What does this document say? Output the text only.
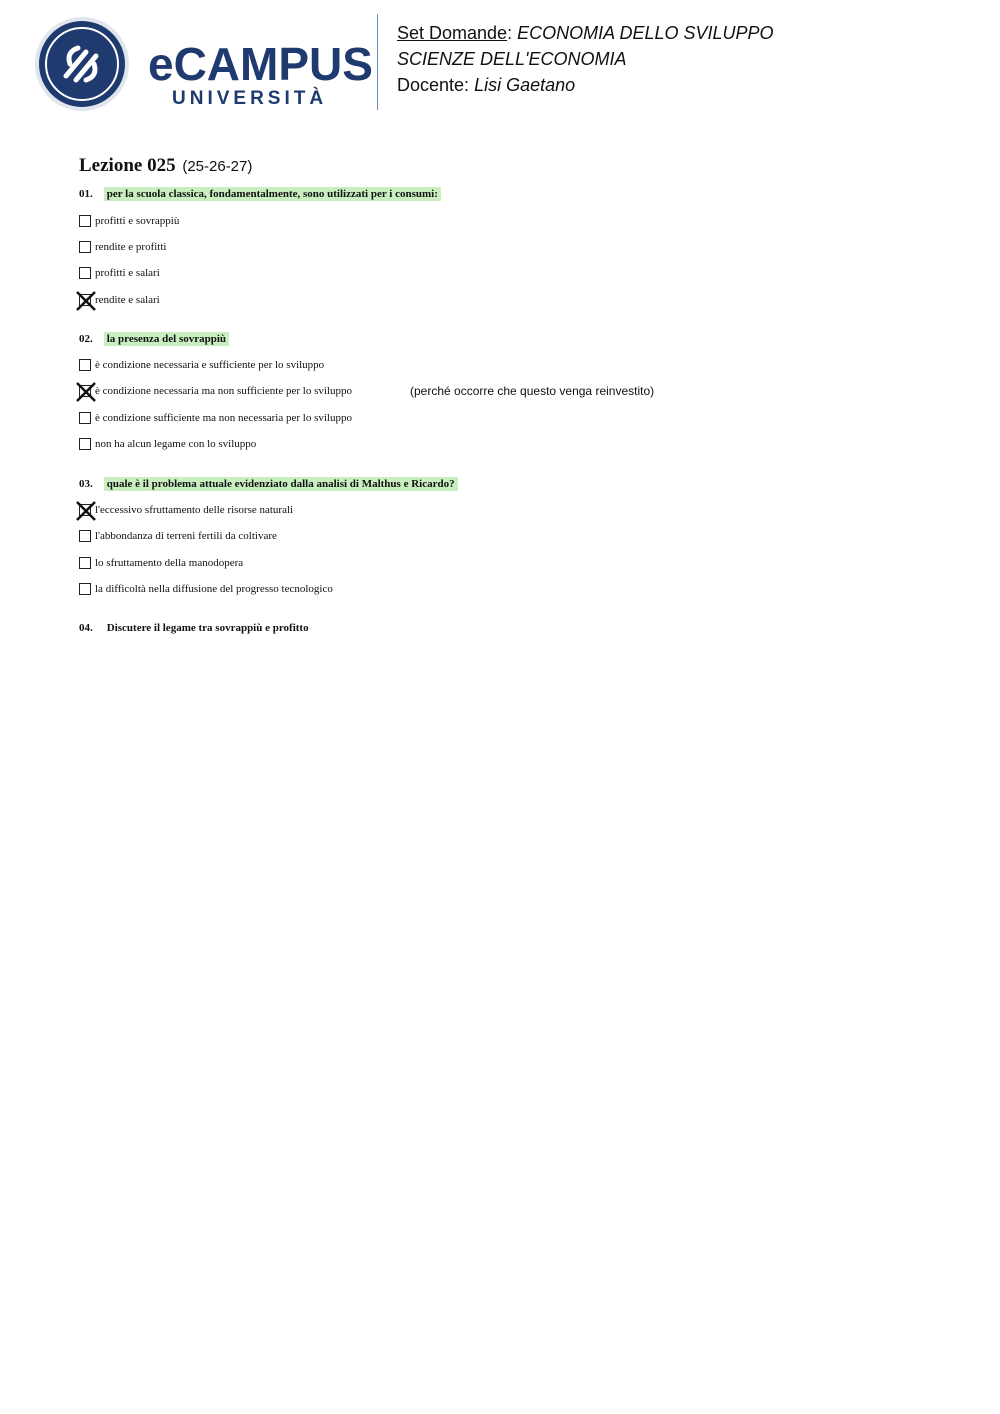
eCAMPUS
UNIVERSITÀ
Set Domande: ECONOMIA DELLO SVILUPPO
SCIENZE DELL'ECONOMIA
Docente: Lisi Gaetano
Lezione 025 (25-26-27)
01. per la scuola classica, fondamentalmente, sono utilizzati per i consumi:
profitti e sovrappiù
rendite e profitti
profitti e salari
rendite e salari
02. la presenza del sovrappiù
è condizione necessaria e sufficiente per lo sviluppo
è condizione necessaria ma non sufficiente per lo sviluppo	(perché occorre che questo venga reinvestito)
è condizione sufficiente ma non necessaria per lo sviluppo
non ha alcun legame con lo sviluppo
03. quale è il problema attuale evidenziato dalla analisi di Malthus e Ricardo?
l'eccessivo sfruttamento delle risorse naturali
l'abbondanza di terreni fertili da coltivare
lo sfruttamento della manodopera
la difficoltà nella diffusione del progresso tecnologico
04. Discutere il legame tra sovrappiù e profitto
